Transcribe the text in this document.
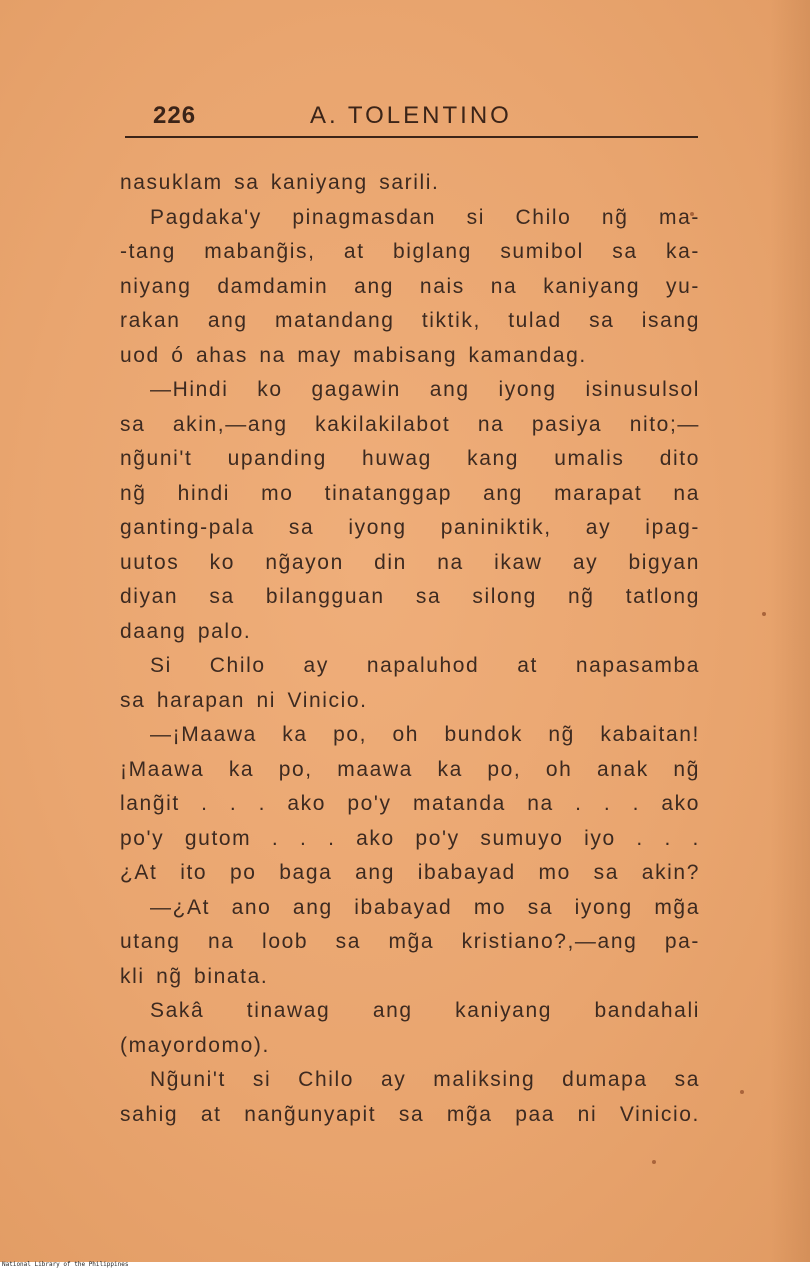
226	A. TOLENTINO
nasuklam sa kaniyang sarili.
Pagdaka'y pinagmasdan si Chilo ng̃ ma-
-tang mabang̃is, at biglang sumibol sa ka-
niyang damdamin ang nais na kaniyang yu-
rakan ang matandang tiktik, tulad sa isang
uod ó ahas na may mabisang kamandag.
—Hindi ko gagawin ang iyong isinusulsol
sa akin,—ang kakilakilabot na pasiya nito;—
ng̃uni't upanding huwag kang umalis dito
ng̃ hindi mo tinatanggap ang marapat na
ganting-pala sa iyong paniniktik, ay ipag-
uutos ko ng̃ayon din na ikaw ay bigyan
diyan sa bilangguan sa silong ng̃ tatlong
daang palo.
Si Chilo ay napaluhod at napasamba
sa harapan ni Vinicio.
—¡Maawa ka po, oh bundok ng̃ kabaitan!
¡Maawa ka po, maawa ka po, oh anak ng̃
lang̃it . . . ako po'y matanda na . . . ako
po'y gutom . . . ako po'y sumuyo iyo . . .
¿At ito po baga ang ibabayad mo sa akin?
—¿At ano ang ibabayad mo sa iyong mg̃a
utang na loob sa mg̃a kristiano?,—ang pa-
kli ng̃ binata.
Sakâ tinawag ang kaniyang bandahali
(mayordomo).
Ng̃uni't si Chilo ay maliksing dumapa sa
sahig at nang̃unyapit sa mg̃a paa ni Vinicio.
National Library of the Philippines
